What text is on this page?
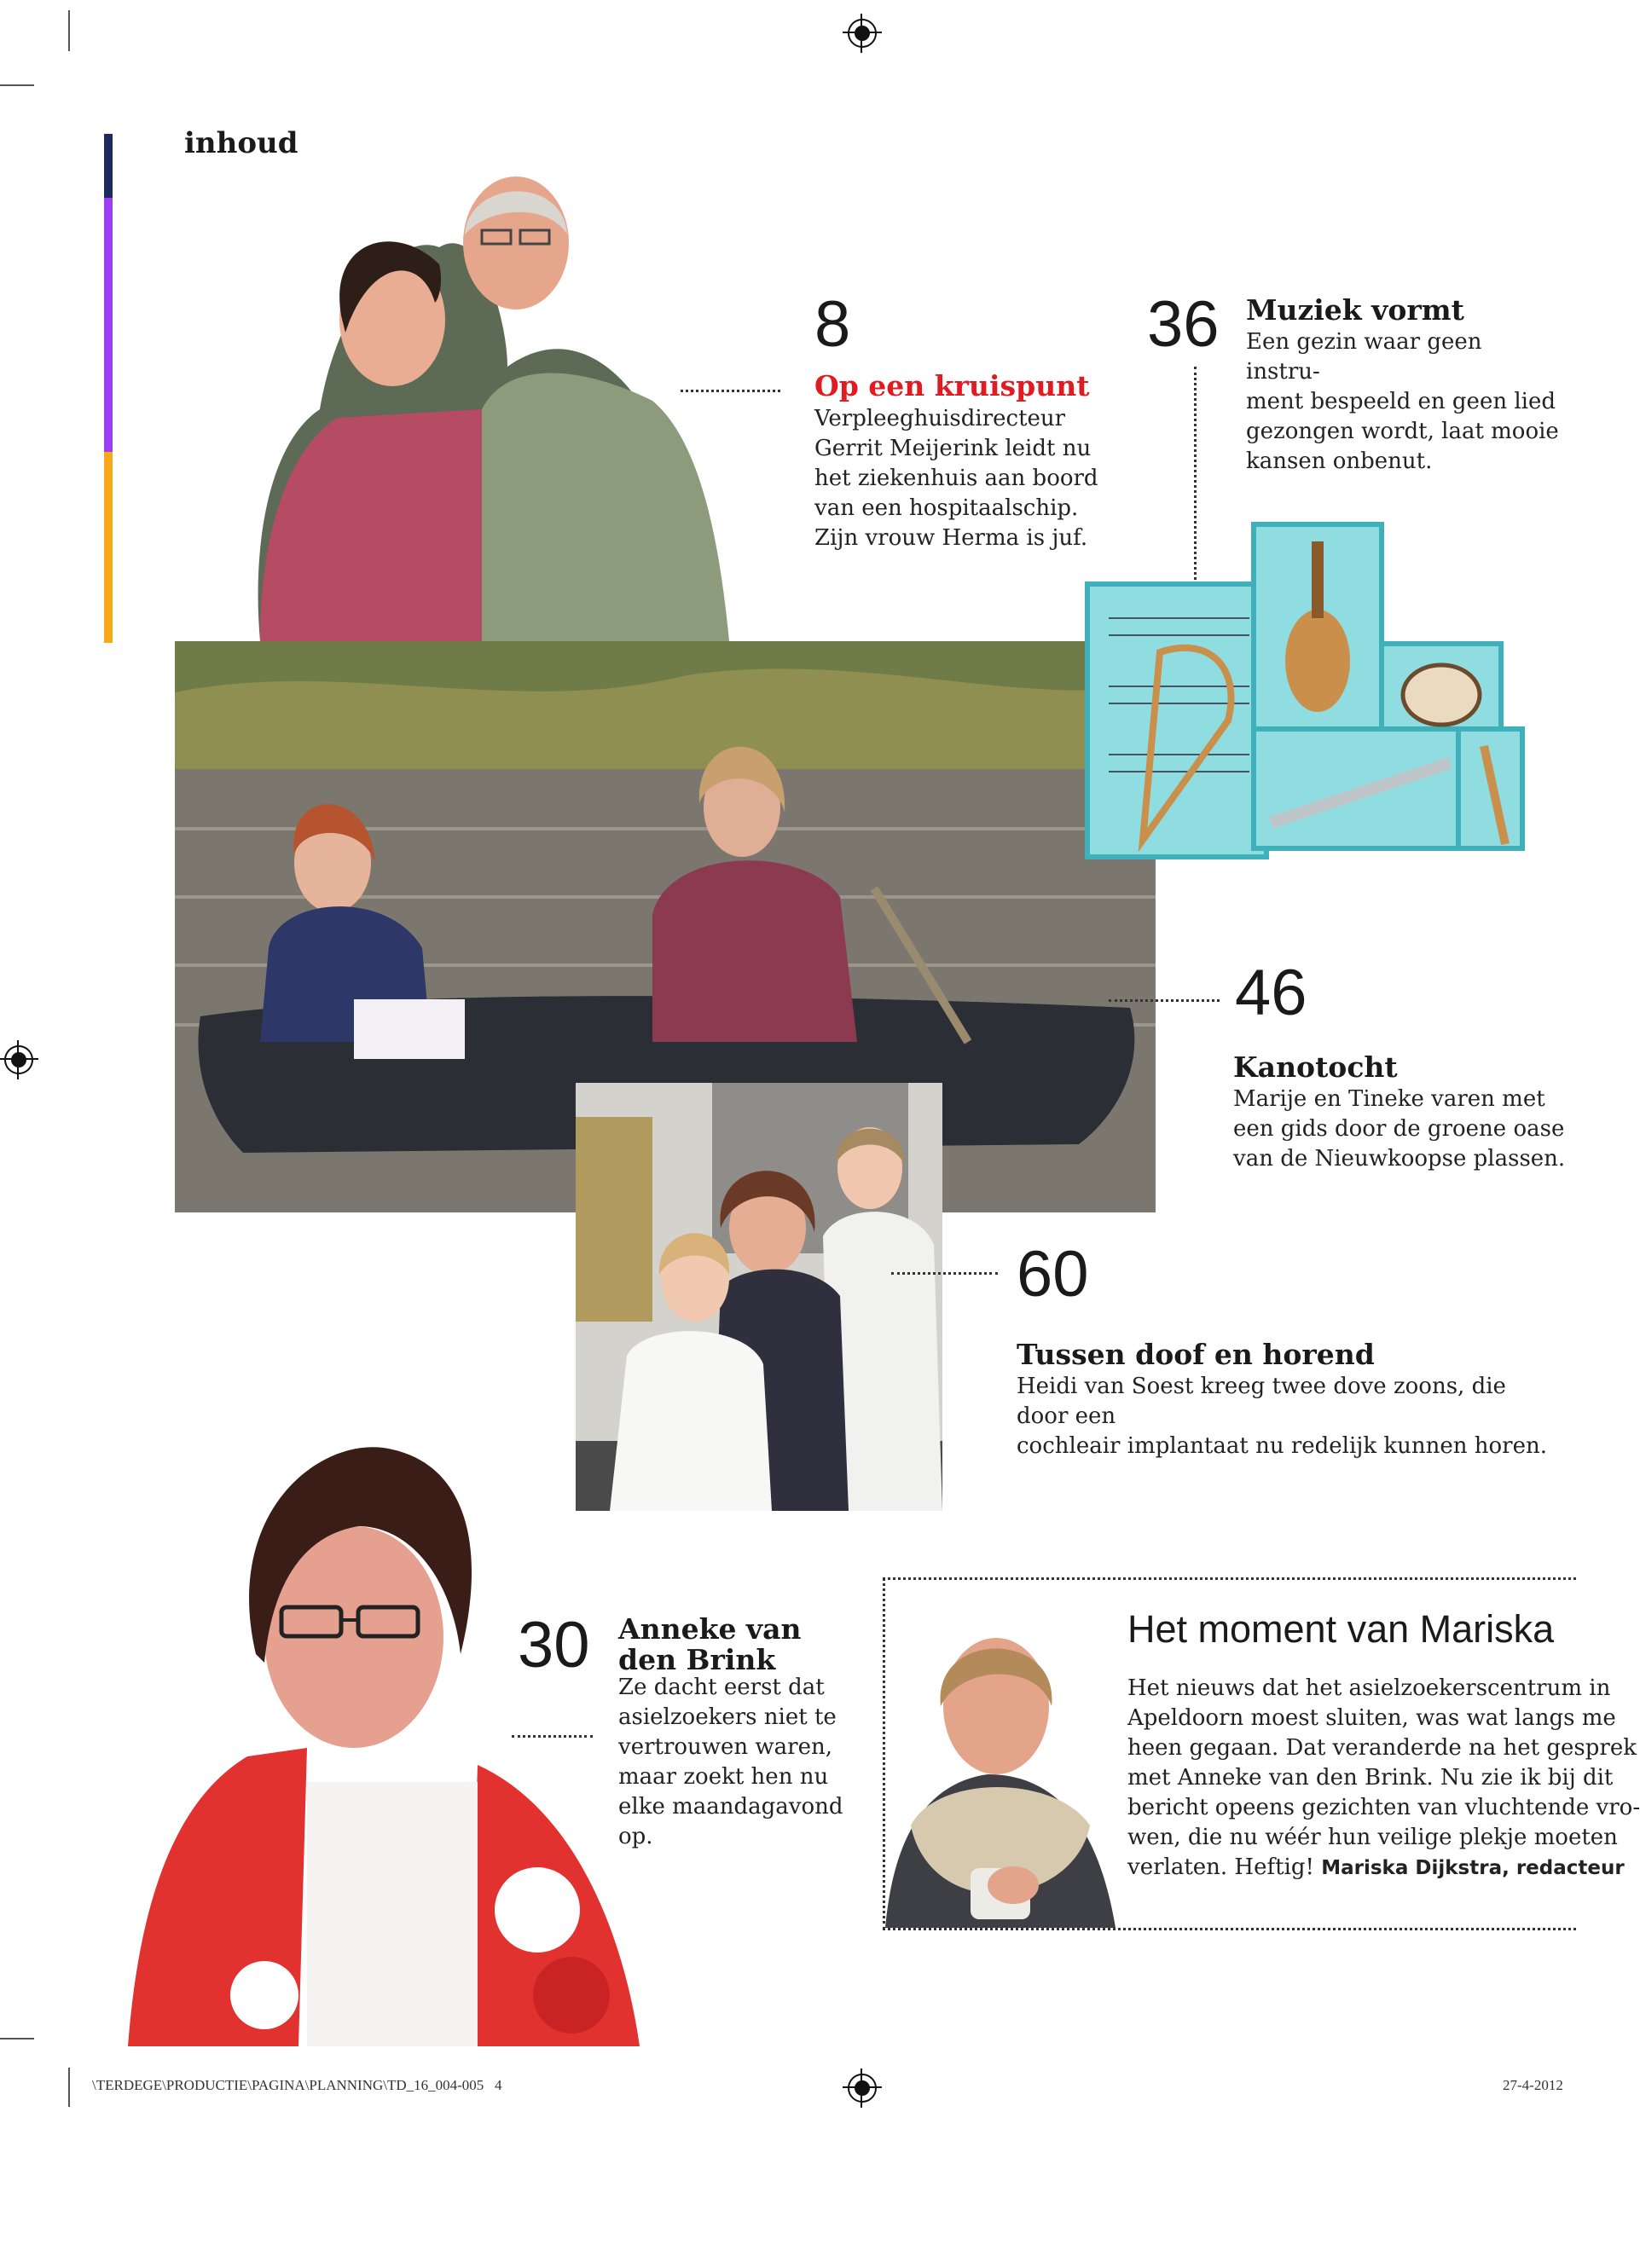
inhoud
8
Op een kruispunt
Verpleeghuisdirecteur
Gerrit Meijerink leidt nu
het ziekenhuis aan boord
van een hospitaalschip.
Zijn vrouw Herma is juf.
36 Muziek vormt
Een gezin waar geen instru-
ment bespeeld en geen lied
gezongen wordt, laat mooie
kansen onbenut.
46
Kanotocht
Marije en Tineke varen met
een gids door de groene oase
van de Nieuwkoopse plassen.
60
Tussen doof en horend
Heidi van Soest kreeg twee dove zoons, die door een
cochleair implantaat nu redelijk kunnen horen.
30 Anneke van
den Brink
Ze dacht eerst dat
asielzoekers niet te
vertrouwen waren,
maar zoekt hen nu
elke maandagavond
op.
Het moment van Mariska
Het nieuws dat het asielzoekerscentrum in
Apeldoorn moest sluiten, was wat langs me
heen gegaan. Dat veranderde na het gesprek
met Anneke van den Brink. Nu zie ik bij dit
bericht opeens gezichten van vluchtende vro-
wen, die nu wéér hun veilige plekje moeten
verlaten. Heftig! Mariska Dijkstra, redacteur
\TERDEGE\PRODUCTIE\PAGINA\PLANNING\TD_16_004-005   4	27-4-2012
